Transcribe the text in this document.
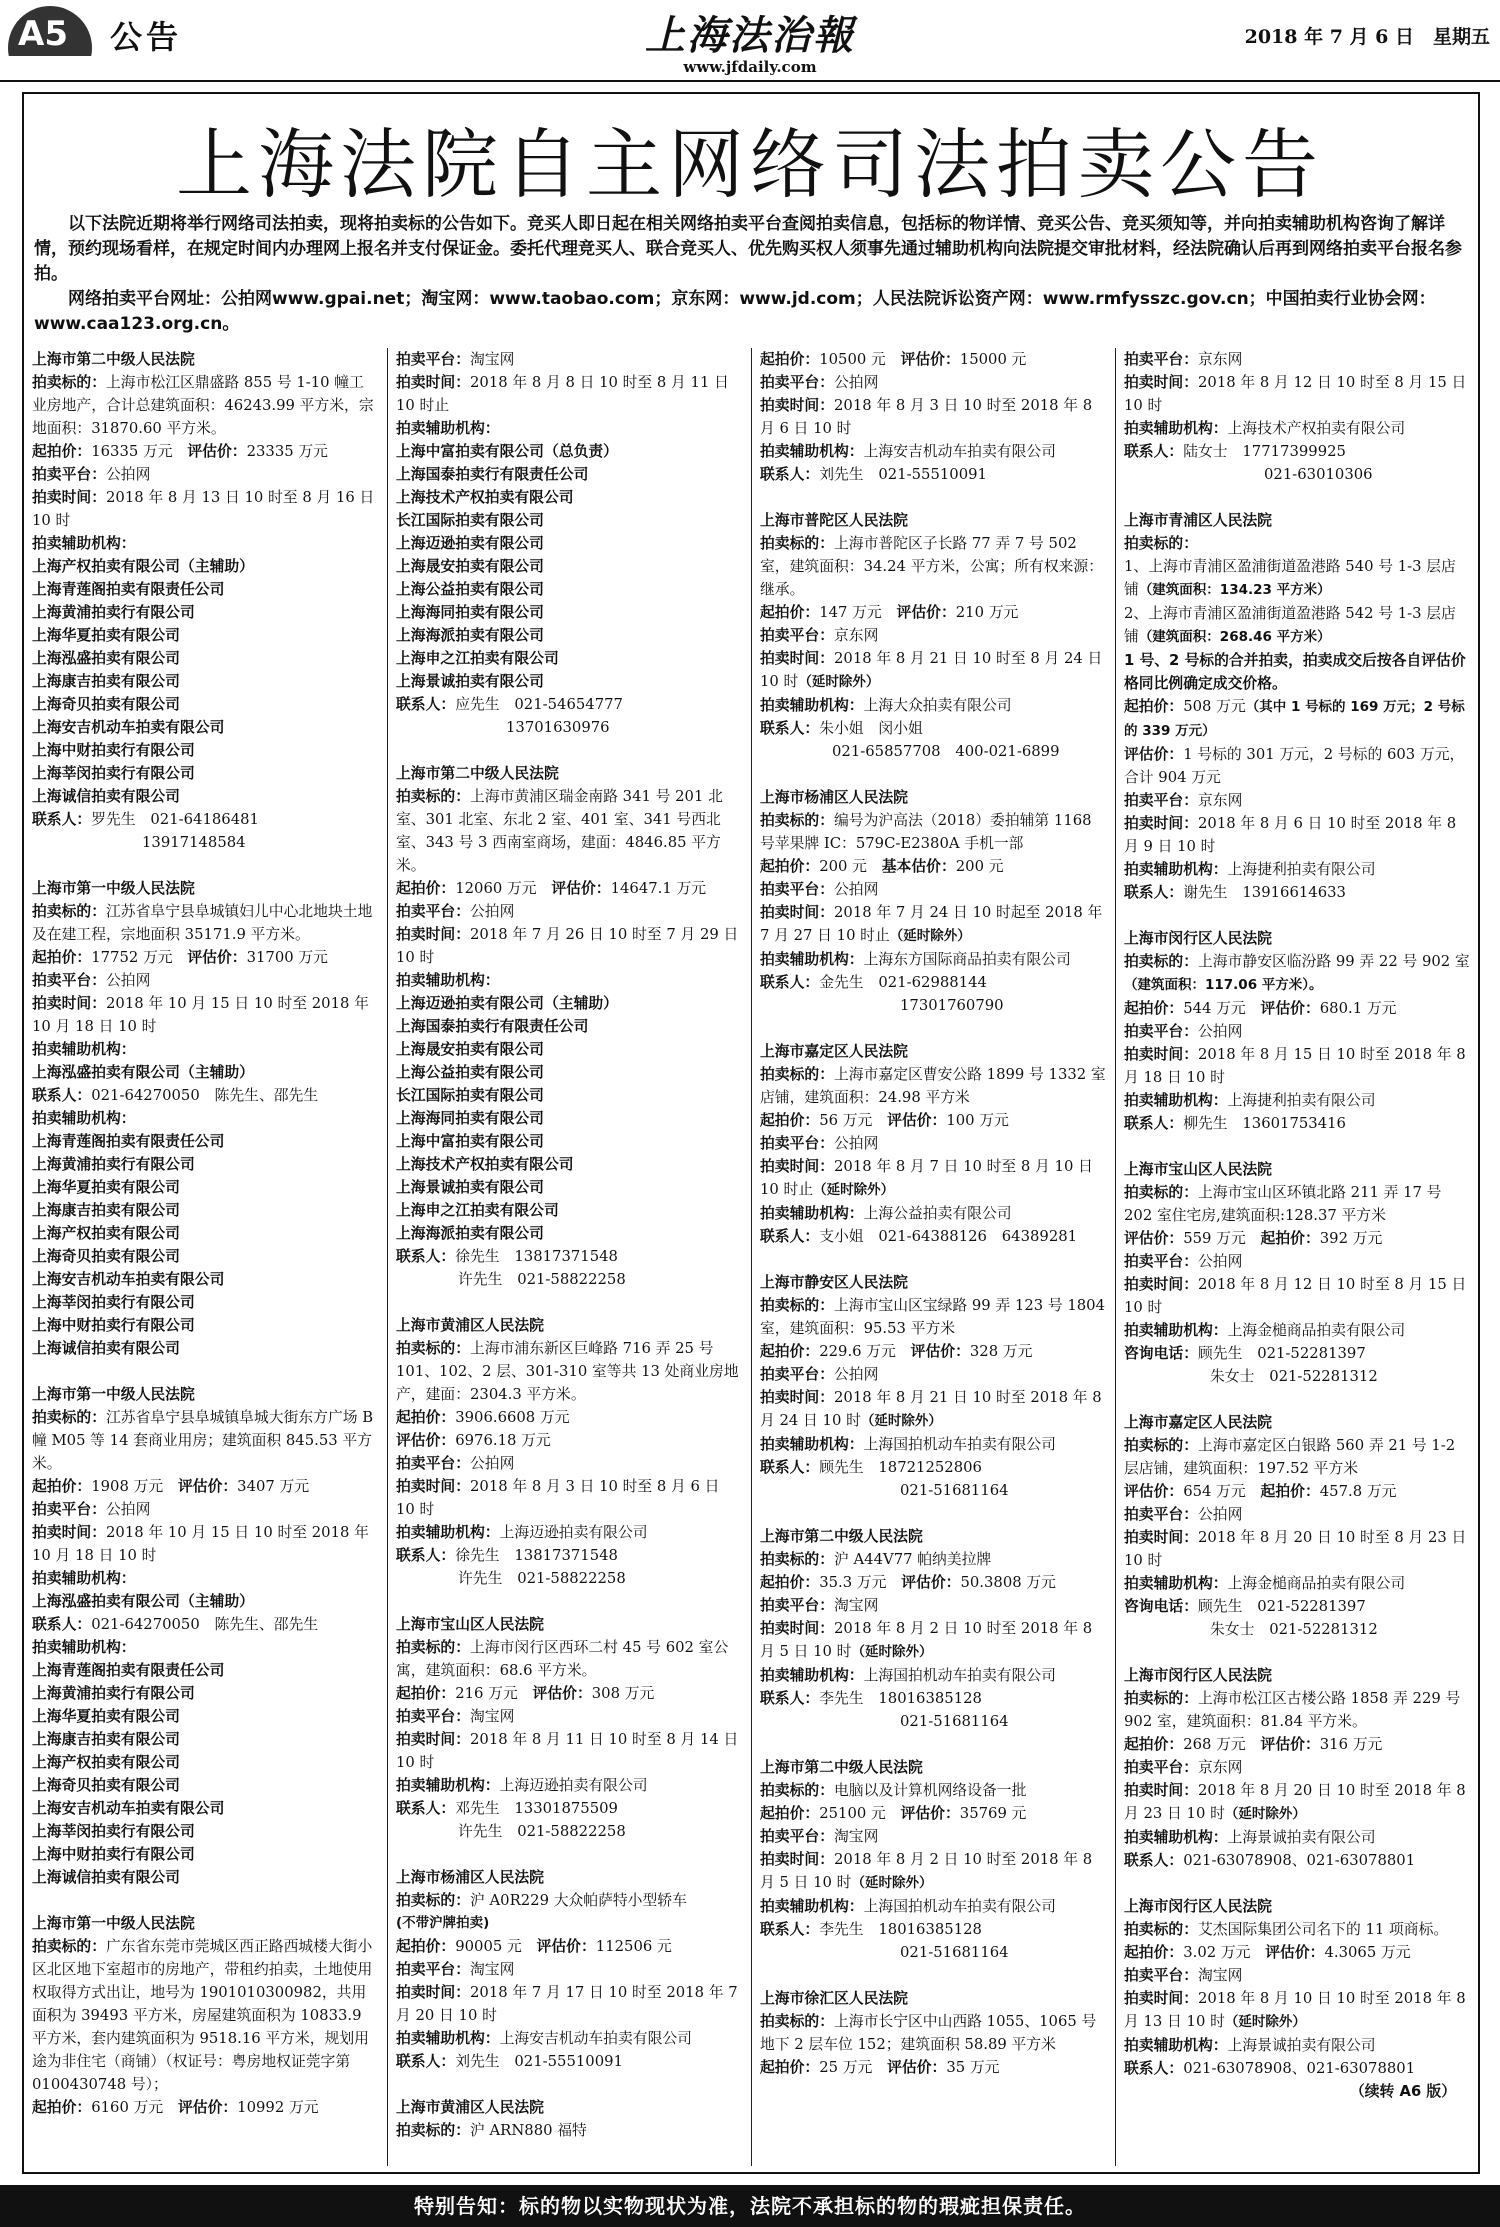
A5 公告	上海法治報
www.jfdaily.com
2018 年 7 月 6 日　星期五
上海法院自主网络司法拍卖公告

以下法院近期将举行网络司法拍卖，现将拍卖标的公告如下。竞买人即日起在相关网络拍卖平台查阅拍卖信息，包括标的物详情、竞买公告、竞买须知等，并向拍卖辅助机构咨询了解详情，预约现场看样，在规定时间内办理网上报名并支付保证金。委托代理竞买人、联合竞买人、优先购买权人须事先通过辅助机构向法院提交审批材料，经法院确认后再到网络拍卖平台报名参拍。

网络拍卖平台网址：公拍网www.gpai.net；淘宝网：www.taobao.com；京东网：www.jd.com；人民法院诉讼资产网：www.rmfysszc.gov.cn；中国拍卖行业协会网：www.caa123.org.cn。

上海市第二中级人民法院
拍卖标的：上海市松江区鼎盛路 855 号 1-10 幢工业房地产，合计总建筑面积：46243.99 平方米，宗地面积：31870.60 平方米。
起拍价：16335 万元　评估价：23335 万元
拍卖平台：公拍网
拍卖时间：2018 年 8 月 13 日 10 时至 8 月 16 日 10 时
拍卖辅助机构：
上海产权拍卖有限公司（主辅助）
上海青莲阁拍卖有限责任公司
上海黄浦拍卖行有限公司
上海华夏拍卖有限公司
上海泓盛拍卖有限公司
上海康吉拍卖有限公司
上海奇贝拍卖有限公司
上海安吉机动车拍卖有限公司
上海中财拍卖行有限公司
上海莘闵拍卖行有限公司
上海诚信拍卖有限公司
联系人：罗先生　021-64186481
13917148584
上海市第一中级人民法院
拍卖标的：江苏省阜宁县阜城镇妇儿中心北地块土地及在建工程，宗地面积 35171.9 平方米。
起拍价：17752 万元　评估价：31700 万元
拍卖平台：公拍网
拍卖时间：2018 年 10 月 15 日 10 时至 2018 年 10 月 18 日 10 时
拍卖辅助机构：
上海泓盛拍卖有限公司（主辅助）
联系人：021-64270050　陈先生、邵先生
拍卖辅助机构：
上海青莲阁拍卖有限责任公司
上海黄浦拍卖行有限公司
上海华夏拍卖有限公司
上海康吉拍卖有限公司
上海产权拍卖有限公司
上海奇贝拍卖有限公司
上海安吉机动车拍卖有限公司
上海莘闵拍卖行有限公司
上海中财拍卖行有限公司
上海诚信拍卖有限公司
上海市第一中级人民法院
拍卖标的：江苏省阜宁县阜城镇阜城大街东方广场 B 幢 M05 等 14 套商业用房；建筑面积 845.53 平方米。
起拍价：1908 万元　评估价：3407 万元
拍卖平台：公拍网
拍卖时间：2018 年 10 月 15 日 10 时至 2018 年 10 月 18 日 10 时
拍卖辅助机构：
上海泓盛拍卖有限公司（主辅助）
联系人：021-64270050　陈先生、邵先生
拍卖辅助机构：
上海青莲阁拍卖有限责任公司
上海黄浦拍卖行有限公司
上海华夏拍卖有限公司
上海康吉拍卖有限公司
上海产权拍卖有限公司
上海奇贝拍卖有限公司
上海安吉机动车拍卖有限公司
上海莘闵拍卖行有限公司
上海中财拍卖行有限公司
上海诚信拍卖有限公司
上海市第一中级人民法院
拍卖标的：广东省东莞市莞城区西正路西城楼大街小区北区地下室超市的房地产，带租约拍卖，土地使用权取得方式出让，地号为 1901010300982，共用面积为 39493 平方米，房屋建筑面积为 10833.9 平方米，套内建筑面积为 9518.16 平方米，规划用途为非住宅（商铺）（权证号：粤房地权证莞字第 0100430748 号）；
起拍价：6160 万元　评估价：10992 万元
拍卖平台：淘宝网
拍卖时间：2018 年 8 月 8 日 10 时至 8 月 11 日 10 时止
拍卖辅助机构：
上海中富拍卖有限公司（总负责）
上海国泰拍卖行有限责任公司
上海技术产权拍卖有限公司
长江国际拍卖有限公司
上海迈逊拍卖有限公司
上海晟安拍卖有限公司
上海公益拍卖有限公司
上海海同拍卖有限公司
上海海派拍卖有限公司
上海申之江拍卖有限公司
上海景诚拍卖有限公司
联系人：应先生　021-54654777
13701630976
上海市第二中级人民法院
拍卖标的：上海市黄浦区瑞金南路 341 号 201 北室、301 北室、东北 2 室、401 室、341 号西北室、343 号 3 西南室商场，建面：4846.85 平方米。
起拍价：12060 万元　评估价：14647.1 万元
拍卖平台：公拍网
拍卖时间：2018 年 7 月 26 日 10 时至 7 月 29 日 10 时
拍卖辅助机构：
上海迈逊拍卖有限公司（主辅助）
上海国泰拍卖行有限责任公司
上海晟安拍卖有限公司
上海公益拍卖有限公司
长江国际拍卖有限公司
上海海同拍卖有限公司
上海中富拍卖有限公司
上海技术产权拍卖有限公司
上海景诚拍卖有限公司
上海申之江拍卖有限公司
上海海派拍卖有限公司
联系人：徐先生　13817371548
许先生　021-58822258
上海市黄浦区人民法院
拍卖标的：上海市浦东新区巨峰路 716 弄 25 号 101、102、2 层、301-310 室等共 13 处商业房地产，建面：2304.3 平方米。
起拍价：3906.6608 万元
评估价：6976.18 万元
拍卖平台：公拍网
拍卖时间：2018 年 8 月 3 日 10 时至 8 月 6 日 10 时
拍卖辅助机构：上海迈逊拍卖有限公司
联系人：徐先生　13817371548
许先生　021-58822258
上海市宝山区人民法院
拍卖标的：上海市闵行区西环二村 45 号 602 室公寓，建筑面积：68.6 平方米。
起拍价：216 万元　评估价：308 万元
拍卖平台：淘宝网
拍卖时间：2018 年 8 月 11 日 10 时至 8 月 14 日 10 时
拍卖辅助机构：上海迈逊拍卖有限公司
联系人：邓先生　13301875509
许先生　021-58822258
上海市杨浦区人民法院
拍卖标的：沪 A0R229 大众帕萨特小型轿车
(不带沪牌拍卖)
起拍价：90005 元　评估价：112506 元
拍卖平台：淘宝网
拍卖时间：2018 年 7 月 17 日 10 时至 2018 年 7 月 20 日 10 时
拍卖辅助机构：上海安吉机动车拍卖有限公司
联系人：刘先生　021-55510091
上海市黄浦区人民法院
拍卖标的：沪 ARN880 福特
起拍价：10500 元　评估价：15000 元
拍卖平台：公拍网
拍卖时间：2018 年 8 月 3 日 10 时至 2018 年 8 月 6 日 10 时
拍卖辅助机构：上海安吉机动车拍卖有限公司
联系人：刘先生　021-55510091
上海市普陀区人民法院
拍卖标的：上海市普陀区子长路 77 弄 7 号 502 室，建筑面积：34.24 平方米，公寓；所有权来源：继承。
起拍价：147 万元　评估价：210 万元
拍卖平台：京东网
拍卖时间：2018 年 8 月 21 日 10 时至 8 月 24 日 10 时（延时除外）
拍卖辅助机构：上海大众拍卖有限公司
联系人：朱小姐　闵小姐
021-65857708　400-021-6899
上海市杨浦区人民法院
拍卖标的：编号为沪高法（2018）委拍辅第 1168 号苹果牌 IC：579C-E2380A 手机一部
起拍价：200 元　基本估价：200 元
拍卖平台：公拍网
拍卖时间：2018 年 7 月 24 日 10 时起至 2018 年 7 月 27 日 10 时止（延时除外）
拍卖辅助机构：上海东方国际商品拍卖有限公司
联系人：金先生　021-62988144
17301760790
上海市嘉定区人民法院
拍卖标的：上海市嘉定区曹安公路 1899 号 1332 室店铺，建筑面积：24.98 平方米
起拍价：56 万元　评估价：100 万元
拍卖平台：公拍网
拍卖时间：2018 年 8 月 7 日 10 时至 8 月 10 日 10 时止（延时除外）
拍卖辅助机构：上海公益拍卖有限公司
联系人：支小姐　021-64388126　64389281
上海市静安区人民法院
拍卖标的：上海市宝山区宝绿路 99 弄 123 号 1804 室，建筑面积：95.53 平方米
起拍价：229.6 万元　评估价：328 万元
拍卖平台：公拍网
拍卖时间：2018 年 8 月 21 日 10 时至 2018 年 8 月 24 日 10 时（延时除外）
拍卖辅助机构：上海国拍机动车拍卖有限公司
联系人：顾先生　18721252806
021-51681164
上海市第二中级人民法院
拍卖标的：沪 A44V77 帕纳美拉牌
起拍价：35.3 万元　评估价：50.3808 万元
拍卖平台：淘宝网
拍卖时间：2018 年 8 月 2 日 10 时至 2018 年 8 月 5 日 10 时（延时除外）
拍卖辅助机构：上海国拍机动车拍卖有限公司
联系人：李先生　18016385128
021-51681164
上海市第二中级人民法院
拍卖标的：电脑以及计算机网络设备一批
起拍价：25100 元　评估价：35769 元
拍卖平台：淘宝网
拍卖时间：2018 年 8 月 2 日 10 时至 2018 年 8 月 5 日 10 时（延时除外）
拍卖辅助机构：上海国拍机动车拍卖有限公司
联系人：李先生　18016385128
021-51681164
上海市徐汇区人民法院
拍卖标的：上海市长宁区中山西路 1055、1065 号地下 2 层车位 152；建筑面积 58.89 平方米
起拍价：25 万元　评估价：35 万元
拍卖平台：京东网
拍卖时间：2018 年 8 月 12 日 10 时至 8 月 15 日 10 时
拍卖辅助机构：上海技术产权拍卖有限公司
联系人：陆女士　17717399925
021-63010306
上海市青浦区人民法院
拍卖标的：
1、上海市青浦区盈浦街道盈港路 540 号 1-3 层店铺（建筑面积：134.23 平方米）
2、上海市青浦区盈浦街道盈港路 542 号 1-3 层店铺（建筑面积：268.46 平方米）
1 号、2 号标的合并拍卖，拍卖成交后按各自评估价格同比例确定成交价格。
起拍价：508 万元（其中 1 号标的 169 万元；2 号标的 339 万元）
评估价：1 号标的 301 万元，2 号标的 603 万元，合计 904 万元
拍卖平台：京东网
拍卖时间：2018 年 8 月 6 日 10 时至 2018 年 8 月 9 日 10 时
拍卖辅助机构：上海捷利拍卖有限公司
联系人：谢先生　13916614633
上海市闵行区人民法院
拍卖标的：上海市静安区临汾路 99 弄 22 号 902 室（建筑面积：117.06 平方米）。
起拍价：544 万元　评估价：680.1 万元
拍卖平台：公拍网
拍卖时间：2018 年 8 月 15 日 10 时至 2018 年 8 月 18 日 10 时
拍卖辅助机构：上海捷利拍卖有限公司
联系人：柳先生　13601753416
上海市宝山区人民法院
拍卖标的：上海市宝山区环镇北路 211 弄 17 号 202 室住宅房,建筑面积:128.37 平方米
评估价：559 万元　起拍价：392 万元
拍卖平台：公拍网
拍卖时间：2018 年 8 月 12 日 10 时至 8 月 15 日 10 时
拍卖辅助机构：上海金槌商品拍卖有限公司
咨询电话：顾先生　021-52281397
朱女士　021-52281312
上海市嘉定区人民法院
拍卖标的：上海市嘉定区白银路 560 弄 21 号 1-2 层店铺，建筑面积：197.52 平方米
评估价：654 万元　起拍价：457.8 万元
拍卖平台：公拍网
拍卖时间：2018 年 8 月 20 日 10 时至 8 月 23 日 10 时
拍卖辅助机构：上海金槌商品拍卖有限公司
咨询电话：顾先生　021-52281397
朱女士　021-52281312
上海市闵行区人民法院
拍卖标的：上海市松江区古楼公路 1858 弄 229 号 902 室，建筑面积：81.84 平方米。
起拍价：268 万元　评估价：316 万元
拍卖平台：京东网
拍卖时间：2018 年 8 月 20 日 10 时至 2018 年 8 月 23 日 10 时（延时除外）
拍卖辅助机构：上海景诚拍卖有限公司
联系人：021-63078908、021-63078801
上海市闵行区人民法院
拍卖标的：艾杰国际集团公司名下的 11 项商标。
起拍价：3.02 万元　评估价：4.3065 万元
拍卖平台：淘宝网
拍卖时间：2018 年 8 月 10 日 10 时至 2018 年 8 月 13 日 10 时（延时除外）
拍卖辅助机构：上海景诚拍卖有限公司
联系人：021-63078908、021-63078801
（续转 A6 版）
特别告知：标的物以实物现状为准，法院不承担标的物的瑕疵担保责任。
